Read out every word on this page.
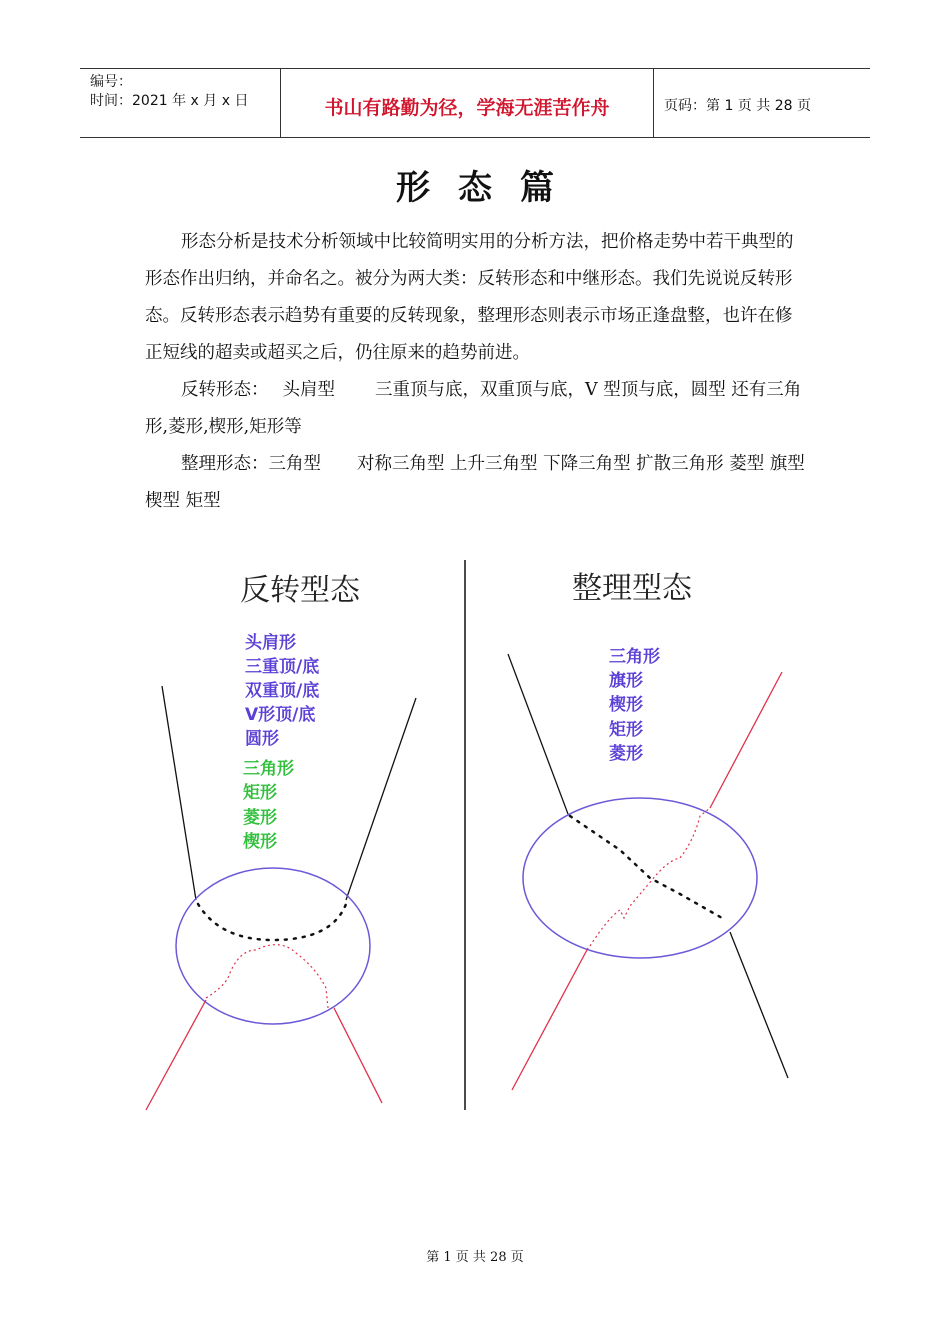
编号：
时间：2021 年 x 月 x 日	书山有路勤为径，学海无涯苦作舟	页码：第 1 页 共 28 页
形 态 篇

形态分析是技术分析领域中比较简明实用的分析方法，把价格走势中若干典型的形态作出归纳，并命名之。被分为两大类：反转形态和中继形态。我们先说说反转形态。反转形态表示趋势有重要的反转现象，整理形态则表示市场正逢盘整，也许在修正短线的超卖或超买之后，仍往原来的趋势前进。

反转形态： 头肩型 三重顶与底，双重顶与底，V 型顶与底，圆型 还有三角形,菱形,楔形,矩形等

整理形态：三角型 对称三角型 上升三角型 下降三角型 扩散三角形 菱型 旗型 楔型 矩型

反转型态
头肩形
三重顶/底
双重顶/底
V形顶/底
圆形
三角形
矩形
菱形
楔形
整理型态
三角形
旗形
楔形
矩形
菱形
第 1 页 共 28 页
